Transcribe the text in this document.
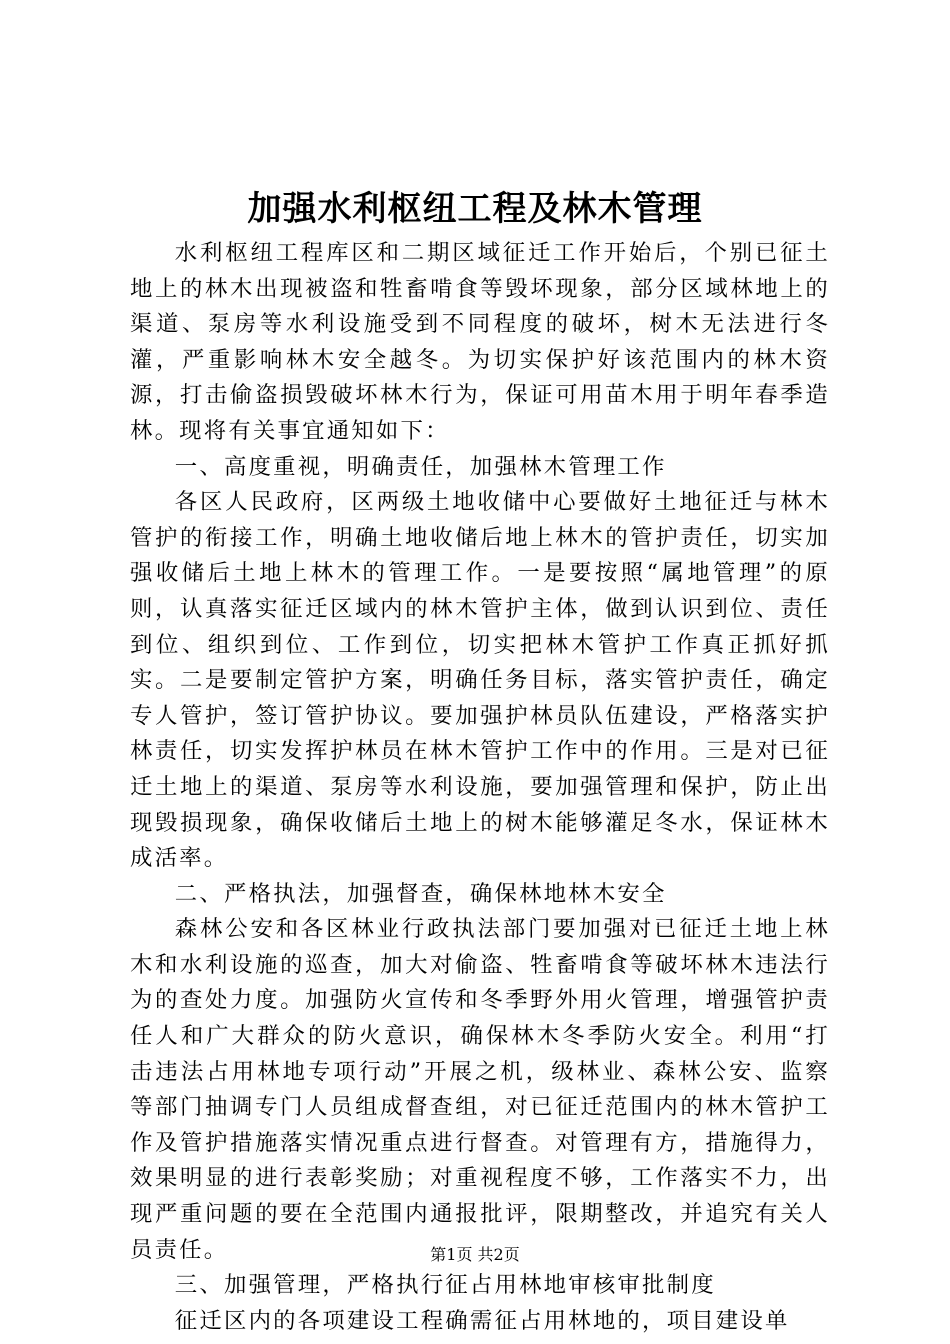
加强水利枢纽工程及林木管理

水利枢纽工程库区和二期区域征迁工作开始后，个别已征土地上的林木出现被盗和牲畜啃食等毁坏现象，部分区域林地上的渠道、泵房等水利设施受到不同程度的破坏，树木无法进行冬灌，严重影响林木安全越冬。为切实保护好该范围内的林木资源，打击偷盗损毁破坏林木行为，保证可用苗木用于明年春季造林。现将有关事宜通知如下：

一、高度重视，明确责任，加强林木管理工作

各区人民政府，区两级土地收储中心要做好土地征迁与林木管护的衔接工作，明确土地收储后地上林木的管护责任，切实加强收储后土地上林木的管理工作。一是要按照“属地管理”的原则，认真落实征迁区域内的林木管护主体，做到认识到位、责任到位、组织到位、工作到位，切实把林木管护工作真正抓好抓实。二是要制定管护方案，明确任务目标，落实管护责任，确定专人管护，签订管护协议。要加强护林员队伍建设，严格落实护林责任，切实发挥护林员在林木管护工作中的作用。三是对已征迁土地上的渠道、泵房等水利设施，要加强管理和保护，防止出现毁损现象，确保收储后土地上的树木能够灌足冬水，保证林木成活率。

二、严格执法，加强督查，确保林地林木安全

森林公安和各区林业行政执法部门要加强对已征迁土地上林木和水利设施的巡查，加大对偷盗、牲畜啃食等破坏林木违法行为的查处力度。加强防火宣传和冬季野外用火管理，增强管护责任人和广大群众的防火意识，确保林木冬季防火安全。利用“打击违法占用林地专项行动”开展之机，级林业、森林公安、监察等部门抽调专门人员组成督查组，对已征迁范围内的林木管护工作及管护措施落实情况重点进行督查。对管理有方，措施得力，效果明显的进行表彰奖励；对重视程度不够，工作落实不力，出现严重问题的要在全范围内通报批评，限期整改，并追究有关人员责任。

三、加强管理，严格执行征占用林地审核审批制度

征迁区内的各项建设工程确需征占用林地的，项目建设单

第1页 共2页
